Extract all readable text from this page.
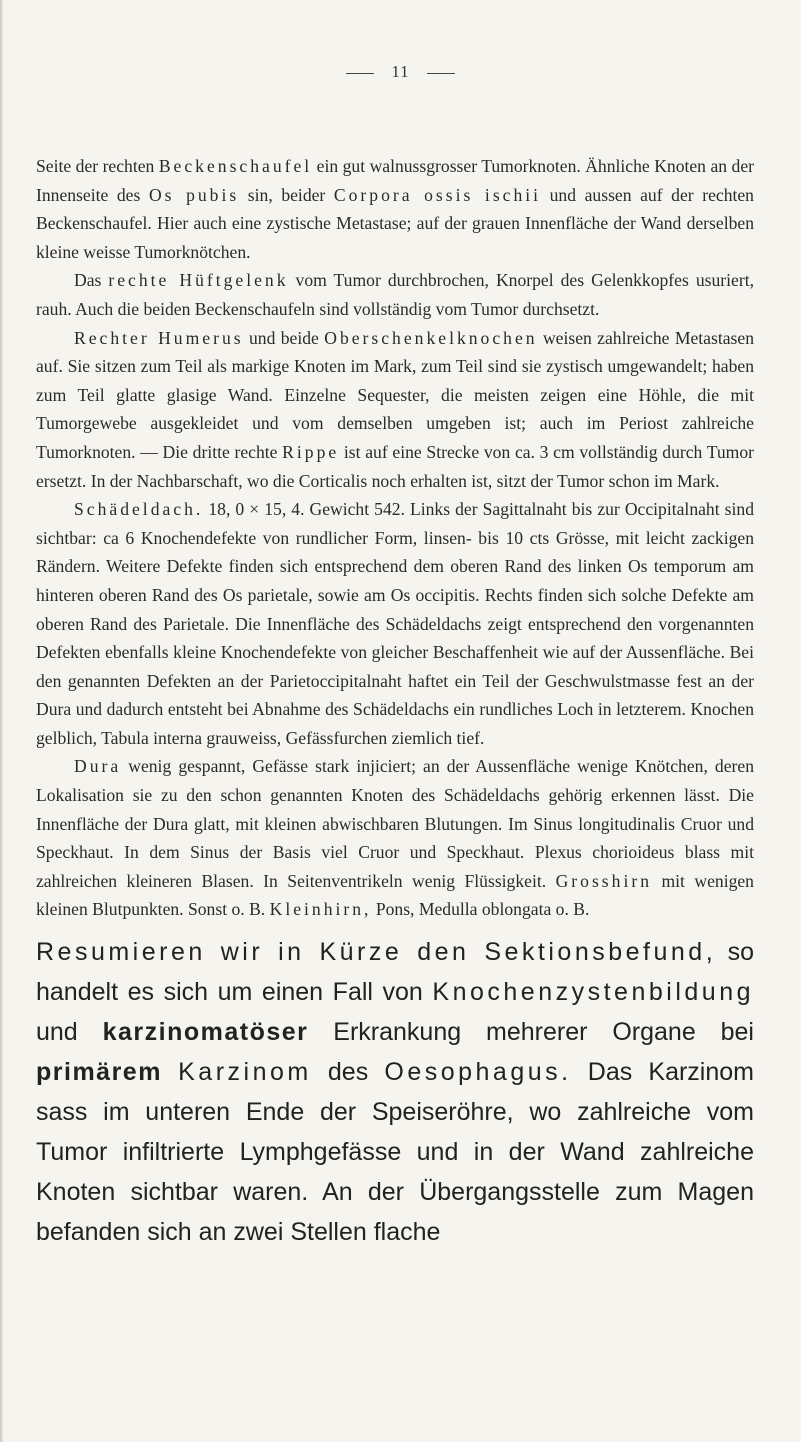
11

Seite der rechten Beckenschaufel ein gut walnussgrosser Tumorknoten. Ähnliche Knoten an der Innenseite des Os pubis sin, beider Corpora ossis ischii und aussen auf der rechten Beckenschaufel. Hier auch eine zystische Metastase; auf der grauen Innenfläche der Wand derselben kleine weisse Tumorknötchen.

Das rechte Hüftgelenk vom Tumor durchbrochen, Knorpel des Gelenkkopfes usuriert, rauh. Auch die beiden Beckenschaufeln sind vollständig vom Tumor durchsetzt.

Rechter Humerus und beide Oberschenkelknochen weisen zahlreiche Metastasen auf. Sie sitzen zum Teil als markige Knoten im Mark, zum Teil sind sie zystisch umgewandelt; haben zum Teil glatte glasige Wand. Einzelne Sequester, die meisten zeigen eine Höhle, die mit Tumorgewebe ausgekleidet und vom demselben umgeben ist; auch im Periost zahlreiche Tumorknoten. — Die dritte rechte Rippe ist auf eine Strecke von ca. 3 cm vollständig durch Tumor ersetzt. In der Nachbarschaft, wo die Corticalis noch erhalten ist, sitzt der Tumor schon im Mark.

Schädeldach. 18, 0 × 15, 4. Gewicht 542. Links der Sagittalnaht bis zur Occipitalnaht sind sichtbar: ca 6 Knochendefekte von rundlicher Form, linsen- bis 10 cts Grösse, mit leicht zackigen Rändern. Weitere Defekte finden sich entsprechend dem oberen Rand des linken Os temporum am hinteren oberen Rand des Os parietale, sowie am Os occipitis. Rechts finden sich solche Defekte am oberen Rand des Parietale. Die Innenfläche des Schädeldachs zeigt entsprechend den vorgenannten Defekten ebenfalls kleine Knochendefekte von gleicher Beschaffenheit wie auf der Aussenfläche. Bei den genannten Defekten an der Parietoccipitalnaht haftet ein Teil der Geschwulstmasse fest an der Dura und dadurch entsteht bei Abnahme des Schädeldachs ein rundliches Loch in letzterem. Knochen gelblich, Tabula interna grauweiss, Gefässfurchen ziemlich tief.

Dura wenig gespannt, Gefässe stark injiciert; an der Aussenfläche wenige Knötchen, deren Lokalisation sie zu den schon genannten Knoten des Schädeldachs gehörig erkennen lässt. Die Innenfläche der Dura glatt, mit kleinen abwischbaren Blutungen. Im Sinus longitudinalis Cruor und Speckhaut. In dem Sinus der Basis viel Cruor und Speckhaut. Plexus chorioideus blass mit zahlreichen kleineren Blasen. In Seitenventrikeln wenig Flüssigkeit. Grosshirn mit wenigen kleinen Blutpunkten. Sonst o. B. Kleinhirn, Pons, Medulla oblongata o. B.

Resumieren wir in Kürze den Sektionsbefund, so handelt es sich um einen Fall von Knochenzystenbildung und karzinomatöser Erkrankung mehrerer Organe bei primärem Karzinom des Oesophagus. Das Karzinom sass im unteren Ende der Speiseröhre, wo zahlreiche vom Tumor infiltrierte Lymphgefässe und in der Wand zahlreiche Knoten sichtbar waren. An der Übergangsstelle zum Magen befanden sich an zwei Stellen flache
